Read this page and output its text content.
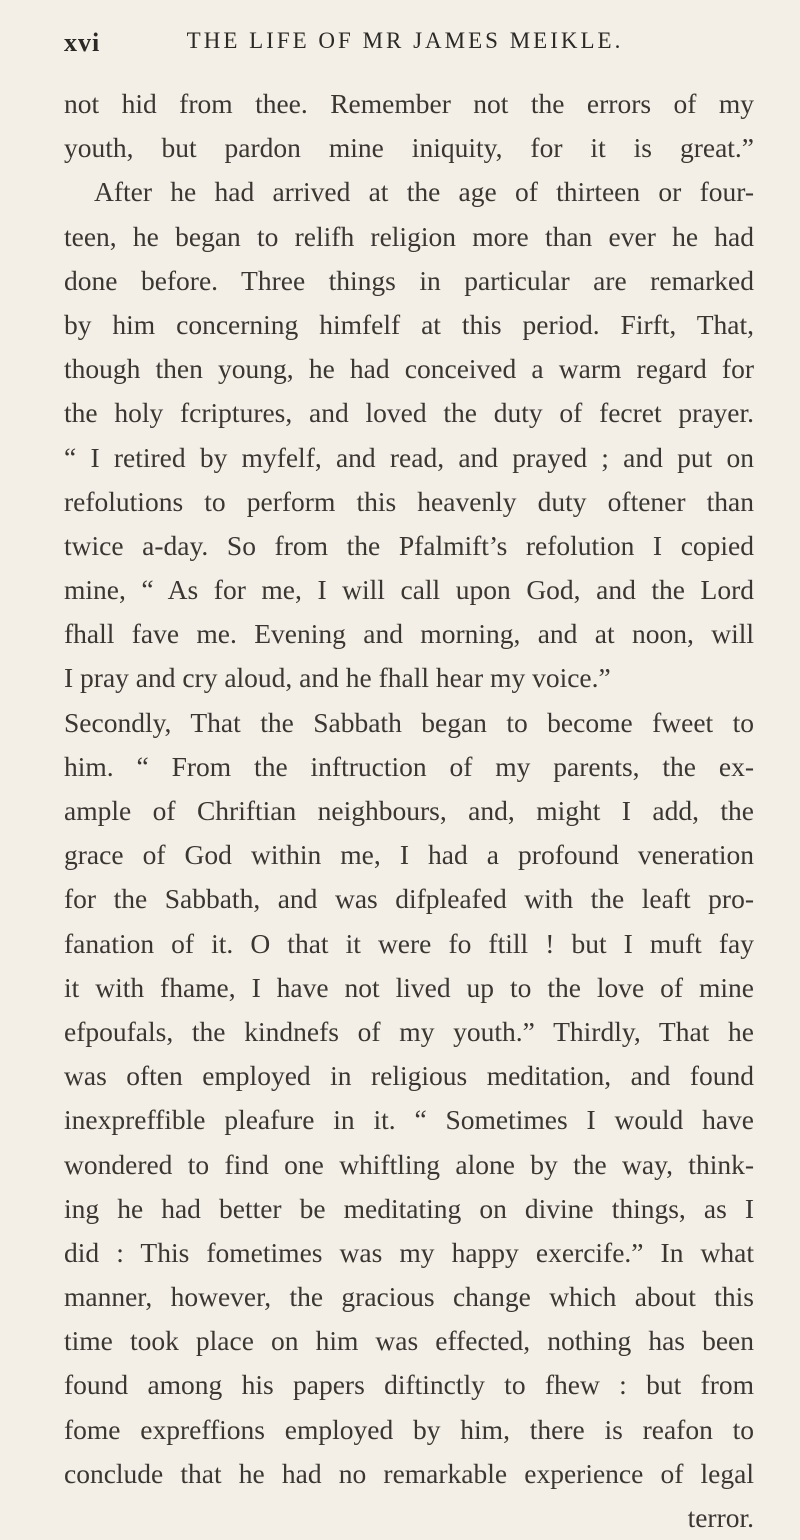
xvi	THE LIFE OF MR JAMES MEIKLE.
not hid from thee. Remember not the errors of my
youth, but pardon mine iniquity, for it is great.”
After he had arrived at the age of thirteen or four-
teen, he began to relifh religion more than ever he had
done before. Three things in particular are remarked
by him concerning himfelf at this period. Firft, That,
though then young, he had conceived a warm regard for
the holy fcriptures, and loved the duty of fecret prayer.
“ I retired by myfelf, and read, and prayed ; and put on
refolutions to perform this heavenly duty oftener than
twice a-day. So from the Pfalmift’s refolution I copied
mine, “ As for me, I will call upon God, and the Lord
fhall fave me. Evening and morning, and at noon, will
I pray and cry aloud, and he fhall hear my voice.”
Secondly, That the Sabbath began to become fweet to
him. “ From the inftruction of my parents, the ex-
ample of Chriftian neighbours, and, might I add, the
grace of God within me, I had a profound veneration
for the Sabbath, and was difpleafed with the leaft pro-
fanation of it. O that it were fo ftill ! but I muft fay
it with fhame, I have not lived up to the love of mine
efpoufals, the kindnefs of my youth.” Thirdly, That he
was often employed in religious meditation, and found
inexpreffible pleafure in it. “ Sometimes I would have
wondered to find one whiftling alone by the way, think-
ing he had better be meditating on divine things, as I
did : This fometimes was my happy exercife.” In what
manner, however, the gracious change which about this
time took place on him was effected, nothing has been
found among his papers diftinctly to fhew : but from
fome expreffions employed by him, there is reafon to
conclude that he had no remarkable experience of legal
terror.
